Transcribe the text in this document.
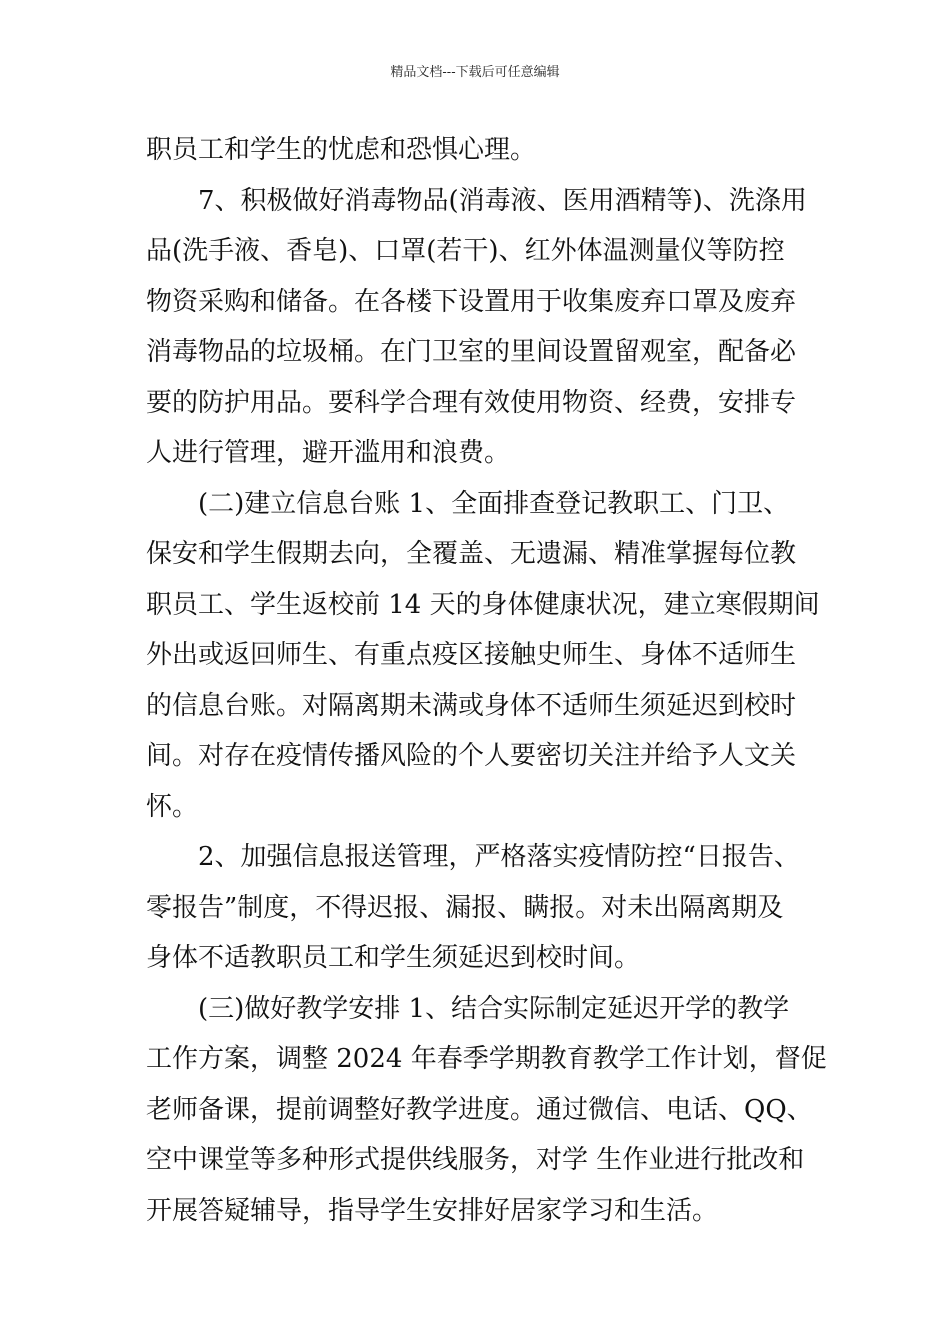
精品文档---下载后可任意编辑
职员工和学生的忧虑和恐惧心理。
7、积极做好消毒物品(消毒液、医用酒精等)、洗涤用
品(洗手液、香皂)、口罩(若干)、红外体温测量仪等防控
物资采购和储备。在各楼下设置用于收集废弃口罩及废弃
消毒物品的垃圾桶。在门卫室的里间设置留观室，配备必
要的防护用品。要科学合理有效使用物资、经费，安排专
人进行管理，避开滥用和浪费。
(二)建立信息台账 1、全面排查登记教职工、门卫、
保安和学生假期去向，全覆盖、无遗漏、精准掌握每位教
职员工、学生返校前 14 天的身体健康状况，建立寒假期间
外出或返回师生、有重点疫区接触史师生、身体不适师生
的信息台账。对隔离期未满或身体不适师生须延迟到校时
间。对存在疫情传播风险的个人要密切关注并给予人文关
怀。
2、加强信息报送管理，严格落实疫情防控“日报告、
零报告”制度，不得迟报、漏报、瞒报。对未出隔离期及
身体不适教职员工和学生须延迟到校时间。
(三)做好教学安排 1、结合实际制定延迟开学的教学
工作方案，调整 2024 年春季学期教育教学工作计划，督促
老师备课，提前调整好教学进度。通过微信、电话、QQ、
空中课堂等多种形式提供线服务，对学 生作业进行批改和
开展答疑辅导，指导学生安排好居家学习和生活。
